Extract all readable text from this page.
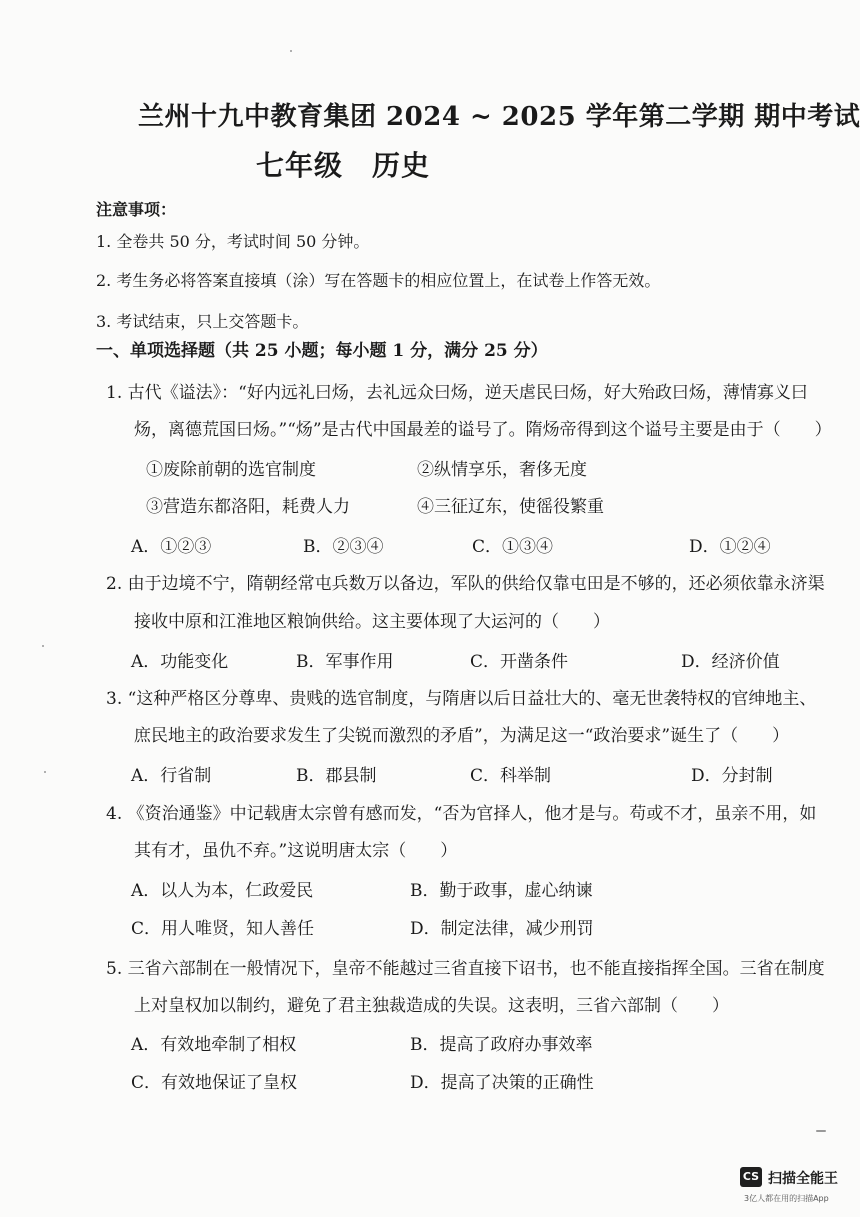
兰州十九中教育集团 2024 ~ 2025 学年第二学期 期中考试
七年级　历史
注意事项：
1. 全卷共 50 分，考试时间 50 分钟。
2. 考生务必将答案直接填（涂）写在答题卡的相应位置上，在试卷上作答无效。
3. 考试结束，只上交答题卡。
一、单项选择题（共 25 小题；每小题 1 分，满分 25 分）
1. 古代《谥法》：“好内远礼曰炀，去礼远众曰炀，逆天虐民曰炀，好大殆政曰炀，薄情寡义曰
炀，离德荒国曰炀。”“炀”是古代中国最差的谥号了。隋炀帝得到这个谥号主要是由于（　　）
①废除前朝的选官制度	②纵情享乐，奢侈无度
③营造东都洛阳，耗费人力	④三征辽东，使徭役繁重
A．①②③	B．②③④	C．①③④	D．①②④
2. 由于边境不宁，隋朝经常屯兵数万以备边，军队的供给仅靠屯田是不够的，还必须依靠永济渠
接收中原和江淮地区粮饷供给。这主要体现了大运河的（　　）
A．功能变化	B．军事作用	C．开凿条件	D．经济价值
3. “这种严格区分尊卑、贵贱的选官制度，与隋唐以后日益壮大的、毫无世袭特权的官绅地主、
庶民地主的政治要求发生了尖锐而激烈的矛盾”，为满足这一“政治要求”诞生了（　　）
A．行省制	B．郡县制	C．科举制	D．分封制
4. 《资治通鉴》中记载唐太宗曾有感而发，“否为官择人，他才是与。苟或不才，虽亲不用，如
其有才，虽仇不弃。”这说明唐太宗（　　）
A．以人为本，仁政爱民	B．勤于政事，虚心纳谏
C．用人唯贤，知人善任	D．制定法律，减少刑罚
5. 三省六部制在一般情况下，皇帝不能越过三省直接下诏书，也不能直接指挥全国。三省在制度
上对皇权加以制约，避免了君主独裁造成的失误。这表明，三省六部制（　　）
A．有效地牵制了相权	B．提高了政府办事效率
C．有效地保证了皇权	D．提高了决策的正确性
CS 扫描全能王
3亿人都在用的扫描App
